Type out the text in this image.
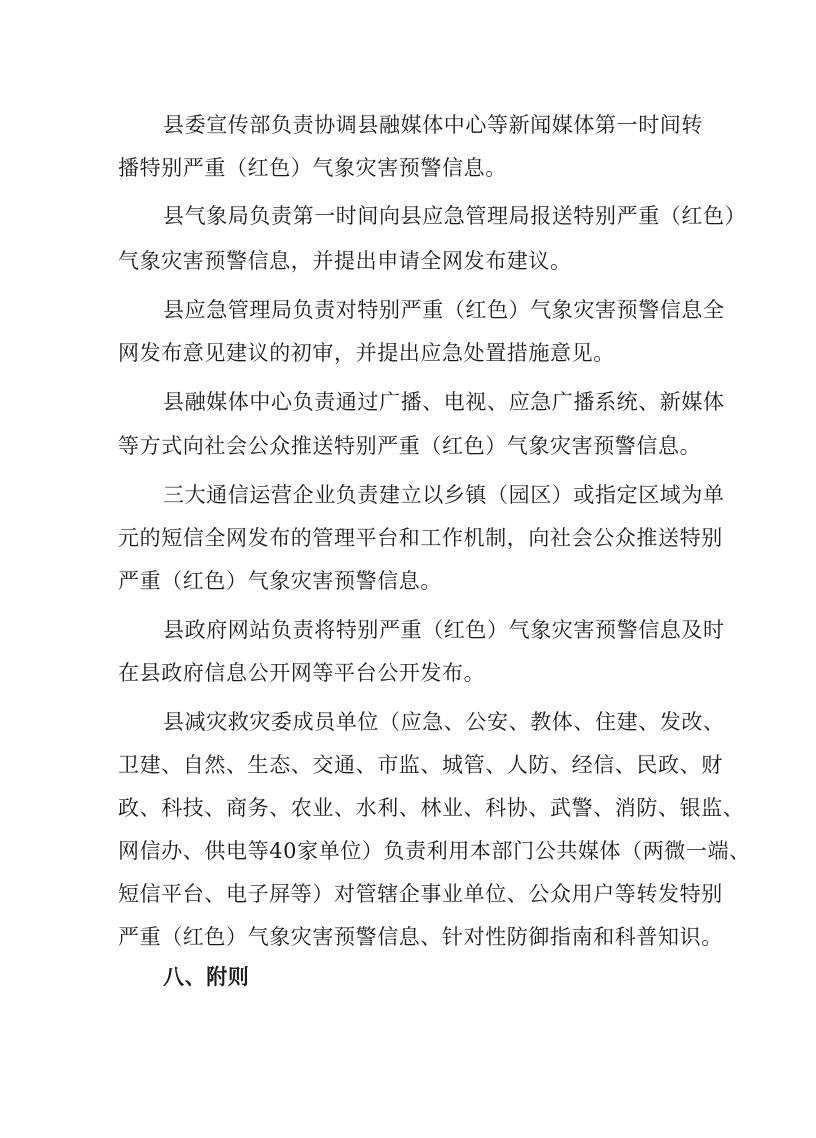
县委宣传部负责协调县融媒体中心等新闻媒体第一时间转
播特别严重（红色）气象灾害预警信息。
县气象局负责第一时间向县应急管理局报送特别严重（红色）
气象灾害预警信息，并提出申请全网发布建议。
县应急管理局负责对特别严重（红色）气象灾害预警信息全
网发布意见建议的初审，并提出应急处置措施意见。
县融媒体中心负责通过广播、电视、应急广播系统、新媒体
等方式向社会公众推送特别严重（红色）气象灾害预警信息。
三大通信运营企业负责建立以乡镇（园区）或指定区域为单
元的短信全网发布的管理平台和工作机制，向社会公众推送特别
严重（红色）气象灾害预警信息。
县政府网站负责将特别严重（红色）气象灾害预警信息及时
在县政府信息公开网等平台公开发布。
县减灾救灾委成员单位（应急、公安、教体、住建、发改、
卫建、自然、生态、交通、市监、城管、人防、经信、民政、财
政、科技、商务、农业、水利、林业、科协、武警、消防、银监、
网信办、供电等40家单位）负责利用本部门公共媒体（两微一端、
短信平台、电子屏等）对管辖企事业单位、公众用户等转发特别
严重（红色）气象灾害预警信息、针对性防御指南和科普知识。
八、附则
